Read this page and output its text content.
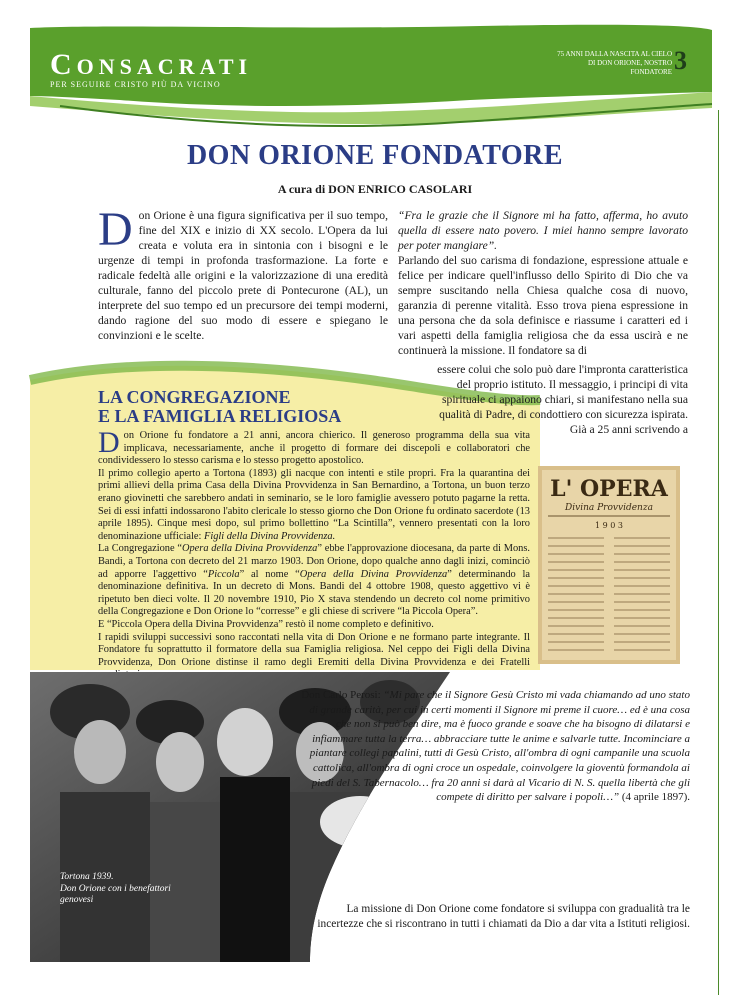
CONSACRATI
PER SEGUIRE CRISTO PIÙ DA VICINO
75 ANNI DALLA NASCITA AL CIELO DI DON ORIONE, NOSTRO FONDATORE 3
DON ORIONE FONDATORE
A cura di DON ENRICO CASOLARI
Don Orione è una figura significativa per il suo tempo, fine del XIX e inizio di XX secolo. L'Opera da lui creata e voluta era in sintonia con i bisogni e le urgenze di tempi in profonda trasformazione. La forte e radicale fedeltà alle origini e la valorizzazione di una eredità culturale, fanno del piccolo prete di Pontecurone (AL), un interprete del suo tempo ed un precursore dei tempi moderni, dando ragione del suo modo di essere e spiegano le convinzioni e le scelte.
“Fra le grazie che il Signore mi ha fatto, afferma, ho avuto quella di essere nato povero. I miei hanno sempre lavorato per poter mangiare”.
Parlando del suo carisma di fondazione, espressione attuale e felice per indicare quell'influsso dello Spirito di Dio che va sempre suscitando nella Chiesa qualche cosa di nuovo, garanzia di perenne vitalità. Esso trova piena espressione in una persona che da sola definisce e riassume i caratteri ed i vari aspetti della famiglia religiosa che da essa uscirà e ne continuerà la missione. Il fondatore sa di
essere colui che solo può dare l'impronta caratteristica del proprio istituto. Il messaggio, i principi di vita spirituale ci appaiono chiari, si manifestano nella sua qualità di Padre, di condottiero con sicurezza ispirata. Già a 25 anni scrivendo a
LA CONGREGAZIONE
E LA FAMIGLIA RELIGIOSA

Don Orione fu fondatore a 21 anni, ancora chierico. Il generoso programma della sua vita implicava, necessariamente, anche il progetto di formare dei discepoli e collaboratori che condividessero lo stesso carisma e lo stesso progetto apostolico.

Il primo collegio aperto a Tortona (1893) gli nacque con intenti e stile propri. Fra la quarantina dei primi allievi della prima Casa della Divina Provvidenza in San Bernardino, a Tortona, un buon terzo erano giovinetti che sarebbero andati in seminario, se le loro famiglie avessero potuto pagarne la retta. Sei di essi infatti indossarono l'abito clericale lo stesso giorno che Don Orione fu ordinato sacerdote (13 aprile 1895). Cinque mesi dopo, sul primo bollettino “La Scintilla”, vennero presentati con la loro denominazione ufficiale: Figli della Divina Provvidenza.

La Congregazione “Opera della Divina Provvidenza” ebbe l'approvazione diocesana, da parte di Mons. Bandi, a Tortona con decreto del 21 marzo 1903. Don Orione, dopo qualche anno dagli inizi, cominciò ad apporre l'aggettivo “Piccola” al nome “Opera della Divina Provvidenza” determinando la denominazione definitiva. In un decreto di Mons. Bandi del 4 ottobre 1908, questo aggettivo vi è ripetuto ben dieci volte. Il 20 novembre 1910, Pio X stava stendendo un decreto col nome primitivo della Congregazione e Don Orione lo “corresse” e gli chiese di scrivere “la Piccola Opera”.

E “Piccola Opera della Divina Provvidenza” restò il nome completo e definitivo.

I rapidi sviluppi successivi sono raccontati nella vita di Don Orione e ne formano parte integrante. Il Fondatore fu soprattutto il formatore della sua Famiglia religiosa. Nel ceppo dei Figli della Divina Provvidenza, Don Orione distinse il ramo degli Eremiti della Divina Provvidenza e dei Fratelli

L' OPERA
Divina Provvidenza
1 9 0 3
Tortona 1939.
Don Orione con i benefattori
genovesi
Don Carlo Perosi: “Mi pare che il Signore Gesù Cristo mi vada chiamando ad uno stato di grande carità, per cui in certi momenti il Signore mi preme il cuore… ed è una cosa che non si può ben dire, ma è fuoco grande e soave che ha bisogno di dilatarsi e infiammare tutta la terra… abbracciare tutte le anime e salvarle tutte. Incominciare a piantare collegi papalini, tutti di Gesù Cristo, all'ombra di ogni campanile una scuola cattolica, all'ombra di ogni croce un ospedale, coinvolgere la gioventù formandola ai piedi del S. Tabernacolo… fra 20 anni si darà al Vicario di N. S. quella libertà che gli compete di diritto per salvare i popoli…” (4 aprile 1897).
La missione di Don Orione come fondatore si sviluppa con gradualità tra le incertezze che si riscontrano in tutti i chiamati da Dio a dar vita a Istituti religiosi.
